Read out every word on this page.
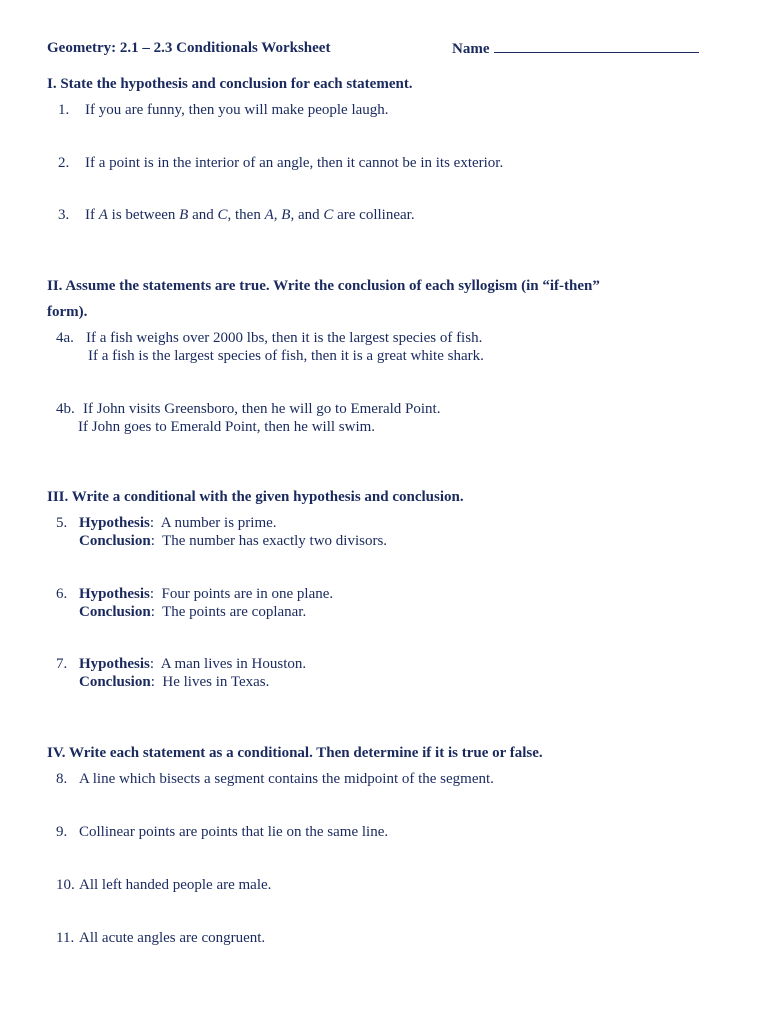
Geometry: 2.1 – 2.3 Conditionals Worksheet	Name
I. State the hypothesis and conclusion for each statement.
1. If you are funny, then you will make people laugh.
2. If a point is in the interior of an angle, then it cannot be in its exterior.
3. If A is between B and C, then A, B, and C are collinear.
II. Assume the statements are true. Write the conclusion of each syllogism (in “if-then”
form).
4a. If a fish weighs over 2000 lbs, then it is the largest species of fish.
If a fish is the largest species of fish, then it is a great white shark.
4b. If John visits Greensboro, then he will go to Emerald Point.
If John goes to Emerald Point, then he will swim.
III. Write a conditional with the given hypothesis and conclusion.
5. Hypothesis:  A number is prime.
Conclusion:  The number has exactly two divisors.
6. Hypothesis:  Four points are in one plane.
Conclusion:  The points are coplanar.
7. Hypothesis:  A man lives in Houston.
Conclusion:  He lives in Texas.
IV. Write each statement as a conditional. Then determine if it is true or false.
8. A line which bisects a segment contains the midpoint of the segment.
9. Collinear points are points that lie on the same line.
10. All left handed people are male.
11. All acute angles are congruent.
